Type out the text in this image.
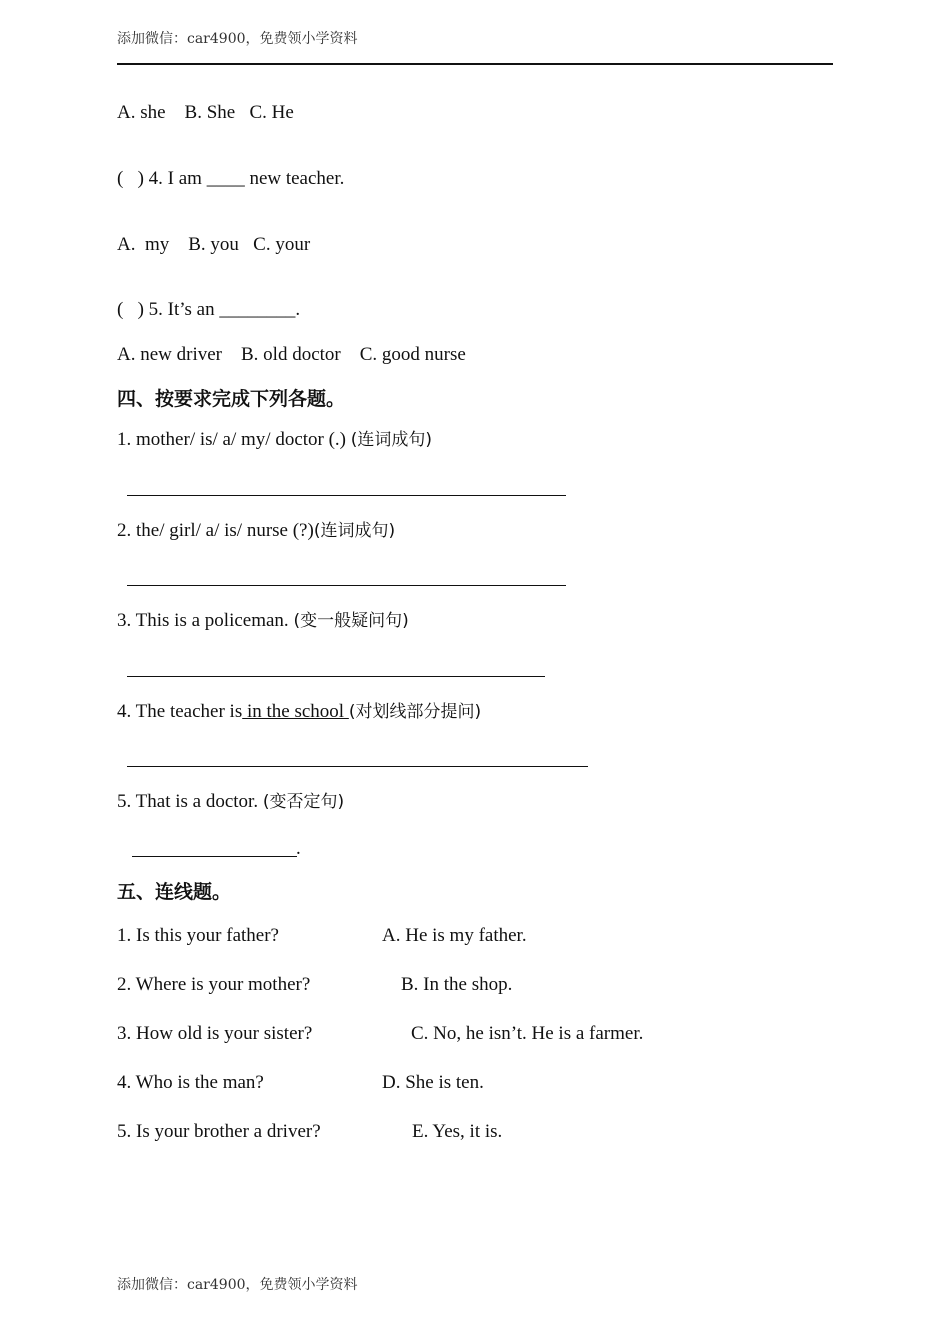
添加微信：car4900，免费领小学资料
A. she    B. She   C. He
(   ) 4. I am ____ new teacher.
A.  my    B. you   C. your
(   ) 5. It’s an ________.
A. new driver    B. old doctor    C. good nurse
四、按要求完成下列各题。
1. mother/ is/ a/ my/ doctor (.) (连词成句)
2. the/ girl/ a/ is/ nurse (?)(连词成句)
3. This is a policeman. (变一般疑问句)
4. The teacher is in the school (对划线部分提问)
5. That is a doctor. (变否定句)
.
五、连线题。
1. Is this your father?	A. He is my father.
2. Where is your mother?	B. In the shop.
3. How old is your sister?	C. No, he isn’t. He is a farmer.
4. Who is the man?	D. She is ten.
5. Is your brother a driver?	E. Yes, it is.
添加微信：car4900，免费领小学资料
